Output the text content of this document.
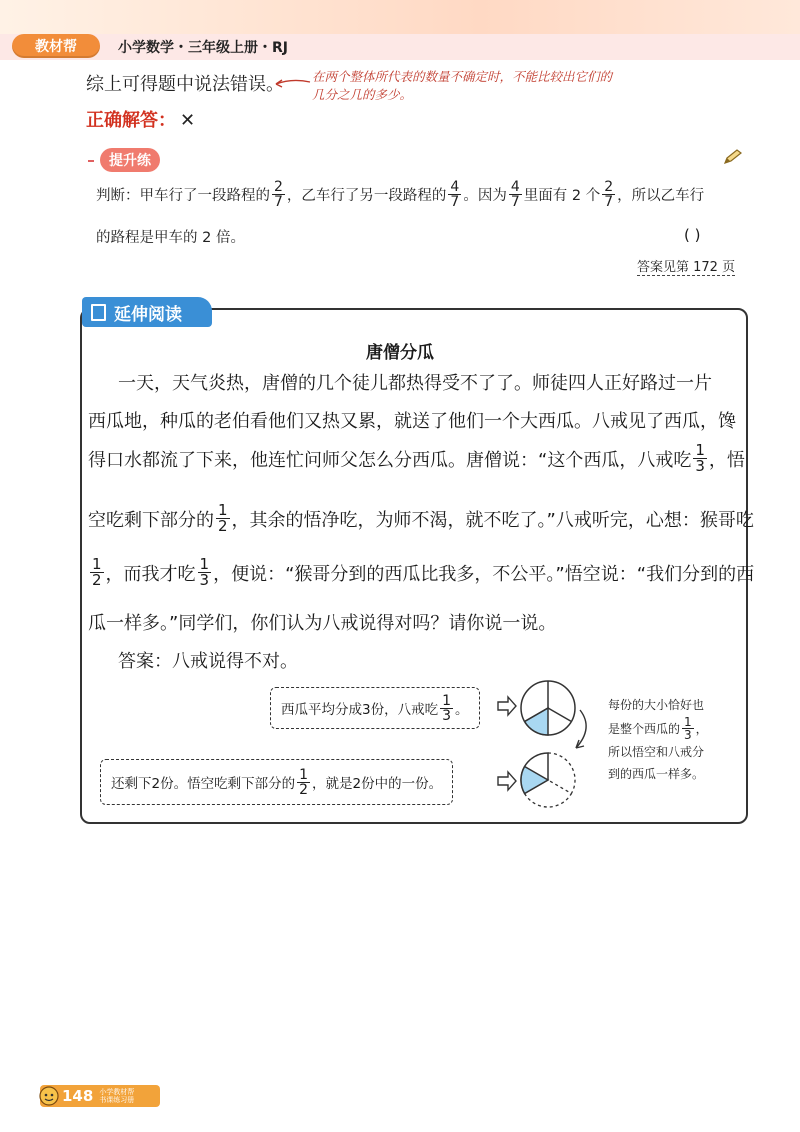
教材帮	小学数学・三年级上册・RJ
综上可得题中说法错误。 在两个整体所代表的数量不确定时，不能比较出它们的
几分之几的多少。
正确解答： ✕
提升练
判断：甲车行了一段路程的 $\frac{2}{7}$ ，乙车行了另一段路程的 $\frac{4}{7}$ 。因为 $\frac{4}{7}$ 里面有 2 个 $\frac{2}{7}$ ，所以乙车行
的路程是甲车的 2 倍。	( )
答案见第 172 页
延伸阅读
唐僧分瓜
一天，天气炎热，唐僧的几个徒儿都热得受不了了。师徒四人正好路过一片
西瓜地，种瓜的老伯看他们又热又累，就送了他们一个大西瓜。八戒见了西瓜，馋
得口水都流了下来，他连忙问师父怎么分西瓜。唐僧说：“这个西瓜，八戒吃 $\frac{1}{3}$ ，悟
空吃剩下部分的 $\frac{1}{2}$ ，其余的悟净吃，为师不渴，就不吃了。”八戒听完，心想：猴哥吃
$\frac{1}{2}$ ，而我才吃 $\frac{1}{3}$ ，便说：“猴哥分到的西瓜比我多，不公平。”悟空说：“我们分到的西
瓜一样多。”同学们，你们认为八戒说得对吗？请你说一说。
答案：八戒说得不对。
西瓜平均分成3份，八戒吃 $\frac{1}{3}$ 。
还剩下2份。悟空吃剩下部分的 $\frac{1}{2}$ ，就是2份中的一份。
每份的大小恰好也
是整个西瓜的 $\frac{1}{3}$ ，
所以悟空和八戒分
到的西瓜一样多。
148 小学教材帮
书课练习册
